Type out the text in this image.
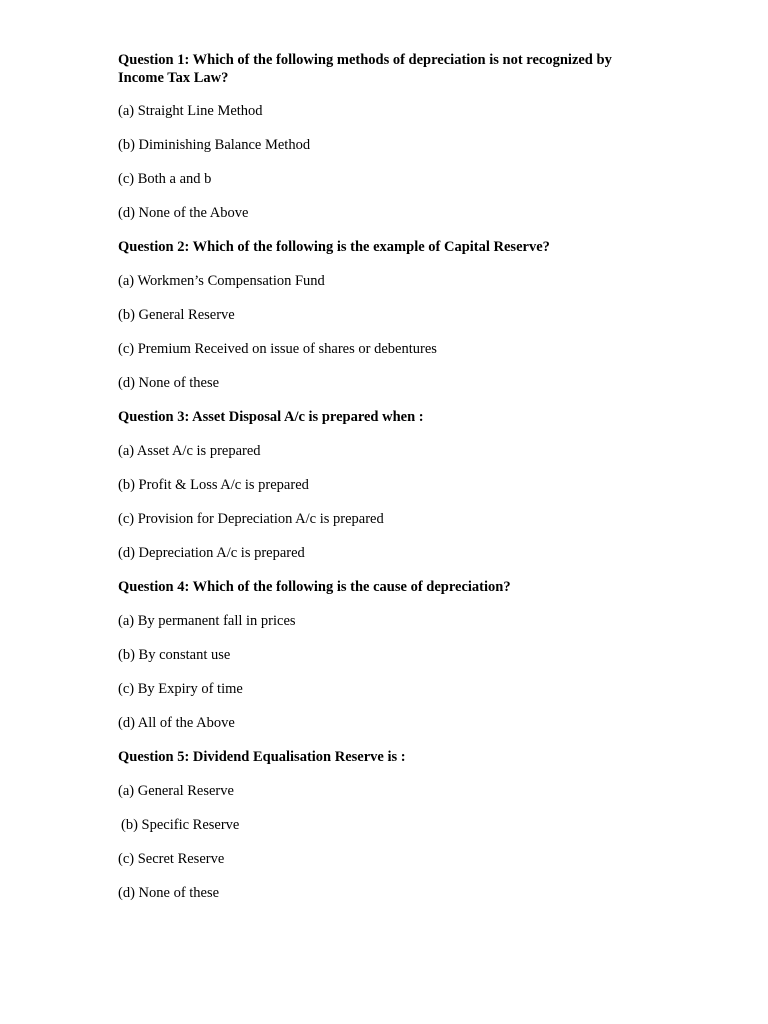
Question 1: Which of the following methods of depreciation is not recognized by Income Tax Law?

(a) Straight Line Method

(b) Diminishing Balance Method

(c) Both a and b

(d) None of the Above

Question 2: Which of the following is the example of Capital Reserve?

(a) Workmen’s Compensation Fund

(b) General Reserve

(c) Premium Received on issue of shares or debentures

(d) None of these

Question 3: Asset Disposal A/c is prepared when :

(a) Asset A/c is prepared

(b) Profit & Loss A/c is prepared

(c) Provision for Depreciation A/c is prepared

(d) Depreciation A/c is prepared

Question 4: Which of the following is the cause of depreciation?

(a) By permanent fall in prices

(b) By constant use

(c) By Expiry of time

(d) All of the Above

Question 5: Dividend Equalisation Reserve is :

(a) General Reserve

(b) Specific Reserve

(c) Secret Reserve

(d) None of these
